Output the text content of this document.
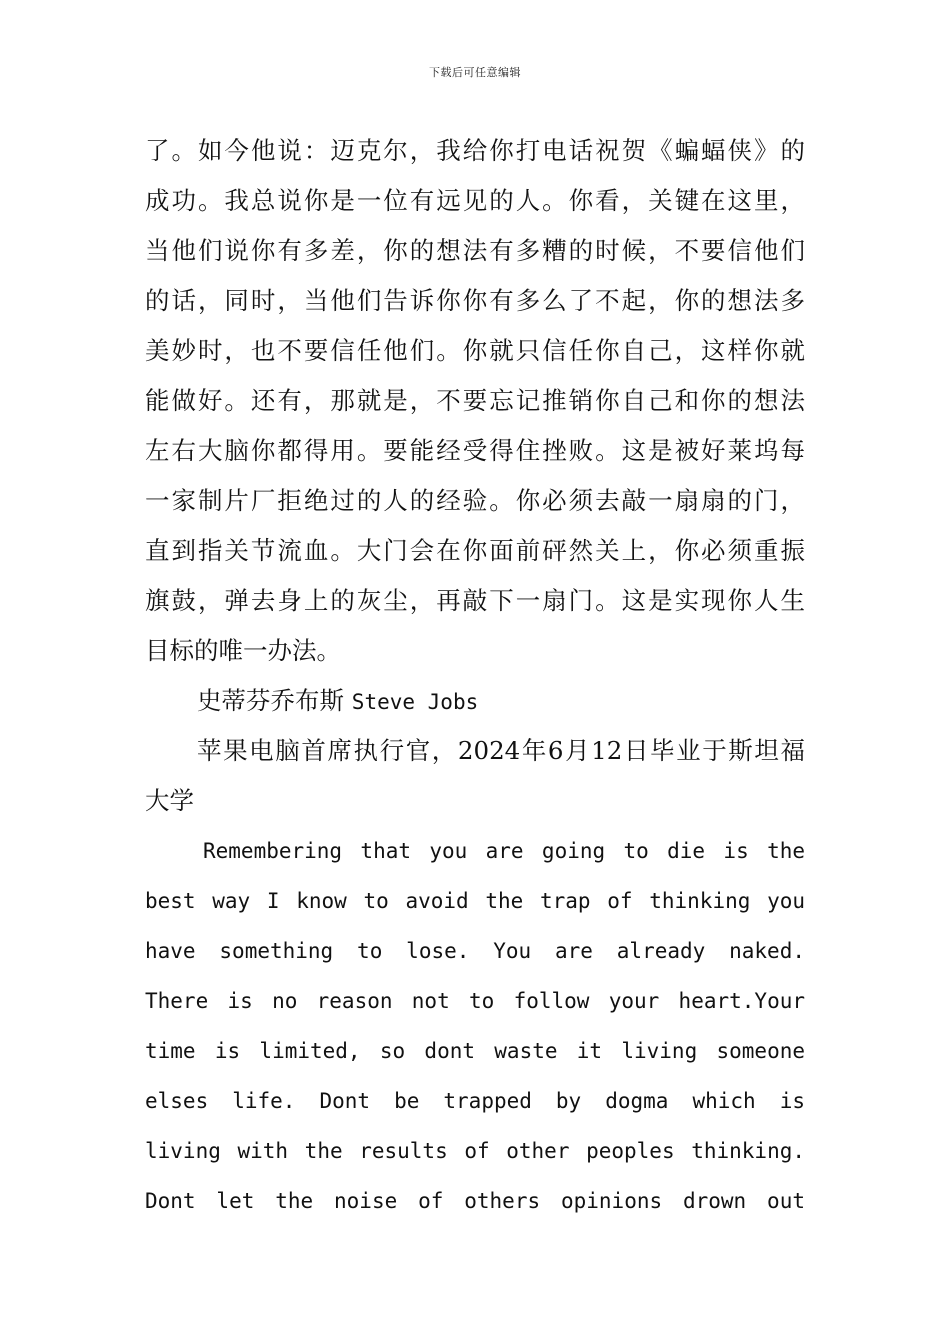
下载后可任意编辑
了。如今他说：迈克尔，我给你打电话祝贺《蝙蝠侠》的
成功。我总说你是一位有远见的人。你看，关键在这里，
当他们说你有多差，你的想法有多糟的时候，不要信他们
的话，同时，当他们告诉你你有多么了不起，你的想法多
美妙时，也不要信任他们。你就只信任你自己，这样你就
能做好。还有，那就是，不要忘记推销你自己和你的想法
左右大脑你都得用。要能经受得住挫败。这是被好莱坞每
一家制片厂拒绝过的人的经验。你必须去敲一扇扇的门，
直到指关节流血。大门会在你面前砰然关上，你必须重振
旗鼓，弹去身上的灰尘，再敲下一扇门。这是实现你人生
目标的唯一办法。
史蒂芬乔布斯 Steve Jobs
苹果电脑首席执行官，2024年6月12日毕业于斯坦福
大学
Remembering that you are going to die is the
best way I know to avoid the trap of thinking you
have something to lose. You are already naked.
There is no reason not to follow your heart.Your
time is limited, so dont waste it living someone
elses life. Dont be trapped by dogma which is
living with the results of other peoples thinking.
Dont let the noise of others opinions drown out
